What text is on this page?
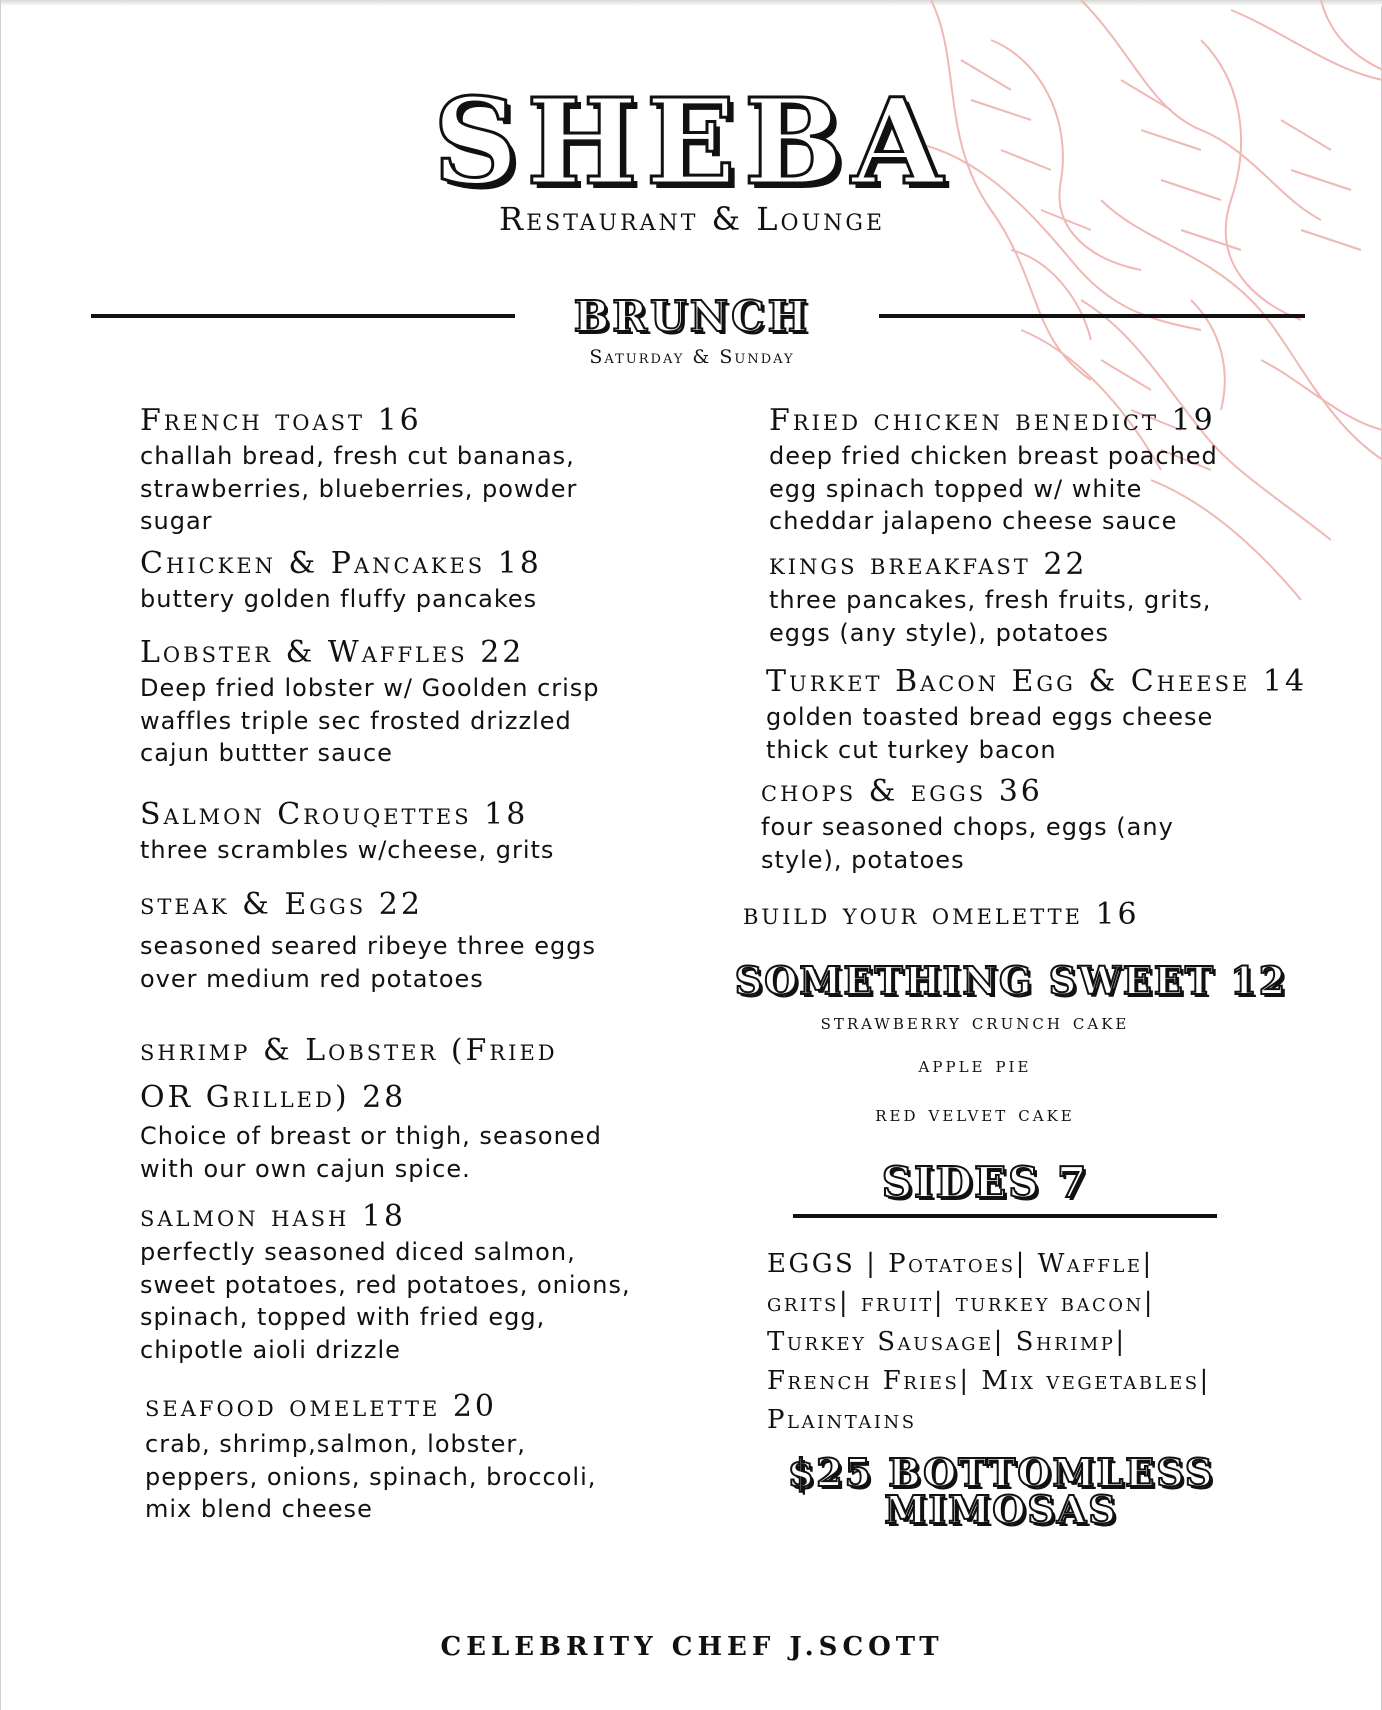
SHEBA
Restaurant & Lounge
BRUNCH
Saturday & Sunday
French toast 16
challah bread, fresh cut bananas,
strawberries, blueberries, powder
sugar
Chicken & Pancakes 18
buttery golden fluffy pancakes
Lobster & Waffles 22
Deep fried lobster w/ Goolden crisp
waffles triple sec frosted drizzled
cajun buttter sauce
Salmon Crouqettes 18
three scrambles w/cheese, grits
steak & Eggs 22
seasoned seared ribeye three eggs
over medium red potatoes
shrimp & Lobster (Fried
OR Grilled) 28
Choice of breast or thigh, seasoned
with our own cajun spice.
salmon hash 18
perfectly seasoned diced salmon,
sweet potatoes, red potatoes, onions,
spinach, topped with fried egg,
chipotle aioli drizzle
seafood omelette 20
crab, shrimp,salmon, lobster,
peppers, onions, spinach, broccoli,
mix blend cheese
Fried chicken benedict 19
deep fried chicken breast poached
egg spinach topped w/ white
cheddar jalapeno cheese sauce
kings breakfast 22
three pancakes, fresh fruits, grits,
eggs (any style), potatoes
Turket Bacon Egg & Cheese 14
golden toasted bread eggs cheese
thick cut turkey bacon
chops & eggs 36
four seasoned chops, eggs (any
style), potatoes
build your omelette 16
SOMETHING SWEET 12
strawberry crunch cake
apple pie
red velvet cake
SIDES 7
EGGS | Potatoes| Waffle|
grits| fruit| turkey bacon|
Turkey Sausage| Shrimp|
French Fries| Mix vegetables|
Plaintains
$25 BOTTOMLESS
MIMOSAS
CELEBRITY CHEF J.SCOTT
